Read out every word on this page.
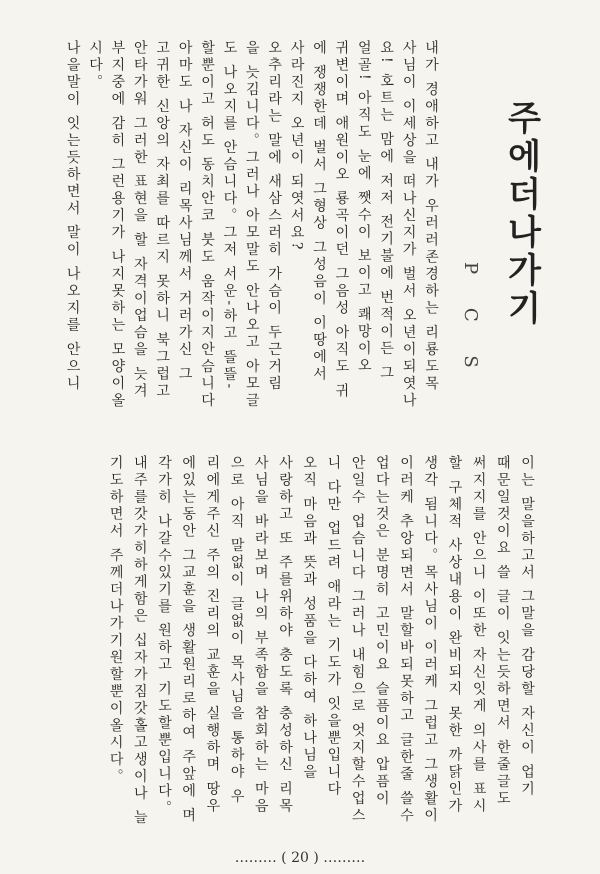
주에더나가기
P C S
내가 경애하고 내가 우러러존경하는 리룡도목
사님이 이세상을 떠나신지가 벌서 오년이되엿나
요! 호트는 맘에 저저 전기불에 번적이든 그
얼골! 아직도 눈에 쨋수이 보이고 쾌망이오
귀변이며 애원이오 룡곡이던 그음성 아직도 귀
에 쟁쟁한데 벌서 그형상 그성음이 이땅에서
사라진지 오년이 되엿서요?
오추리라는 말에 새삼스러히 가슴이 두근거림
을 늣김니다。그러나 아모말도 안나오고 아모글
도 나오지를 안슴니다。그저 서운-하고 뜰뜰-
할뿐이고 허도 동치안코 붓도 움작이지안슴니다
아마도 나 자신이 리목사님께서 거러가신 그
고귀한 신앙의 자최를 따르지 못하니 북그럽고
안타가워 그러한 표현을 할 자격이업슴을 늣겨
부지중에 감히 그런용기가 나지못하는 모양이올
시다。
나을말이 잇는듯하면서 말이 나오지를 안으니
이는 말을하고서 그말을 감당할 자신이 업기
때문일것이요 쓸 글이 잇는듯하면서 한줄글도
써지지를 안으니 이또한 자신잇게 의사를 표시
할 구체적 사상내용이 완비되지 못한 까닭인가
생각 됨니다。목사님이 이러케 그럽고 그생활이
이러케 추앙되면서 말할바되못하고 글한줄 쓸수
업다는것은 분명히 고민이요 슬픔이요 압픔이
안일수 업슴니다 그러나 내힘으로 엇지할수업스
니 다만 업드려 애라는 기도가 잇을뿐입니다
오직 마음과 뜻과 성품을 다하여 하나님을
사랑하고 또 주를위하야 충도록 충성하신 리목
사님을 바라보며 나의 부족함을 참회하는 마음
으로 아직 말없이 글없이 목사님을 통하야 우
리에게주신 주의 진리의 교훈을 실행하며 땅우
에있는동안 그교훈을 생활원리로하여 주앞에 며
각가히 나갈수있기를 원하고 기도할뿐입니다。
내주를갓가히하게함은 십자가짐갓홀고생이나 늘
기도하면서 주께더나가기원할뿐이올시다。
……… ( 20 ) ………
